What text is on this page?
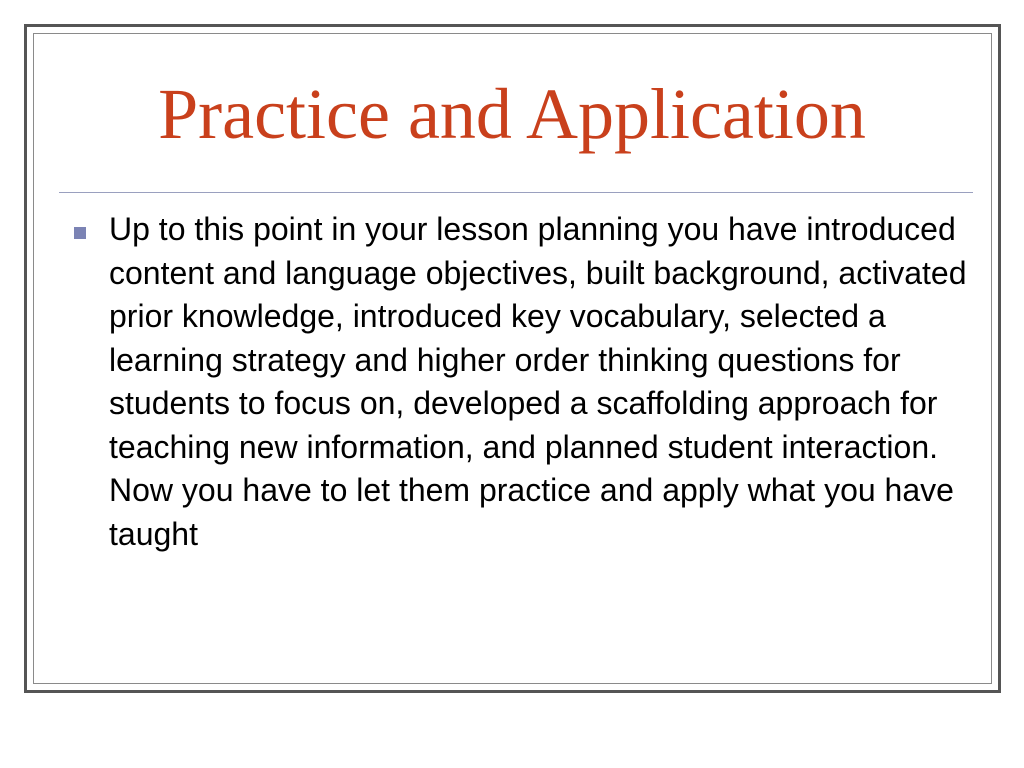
Practice and Application

Up to this point in your lesson planning you have introduced content and language objectives, built background, activated prior knowledge, introduced key vocabulary, selected a learning strategy and higher order thinking questions for students to focus on, developed a scaffolding approach for teaching new information, and planned student interaction. Now you have to let them practice and apply what you have taught
